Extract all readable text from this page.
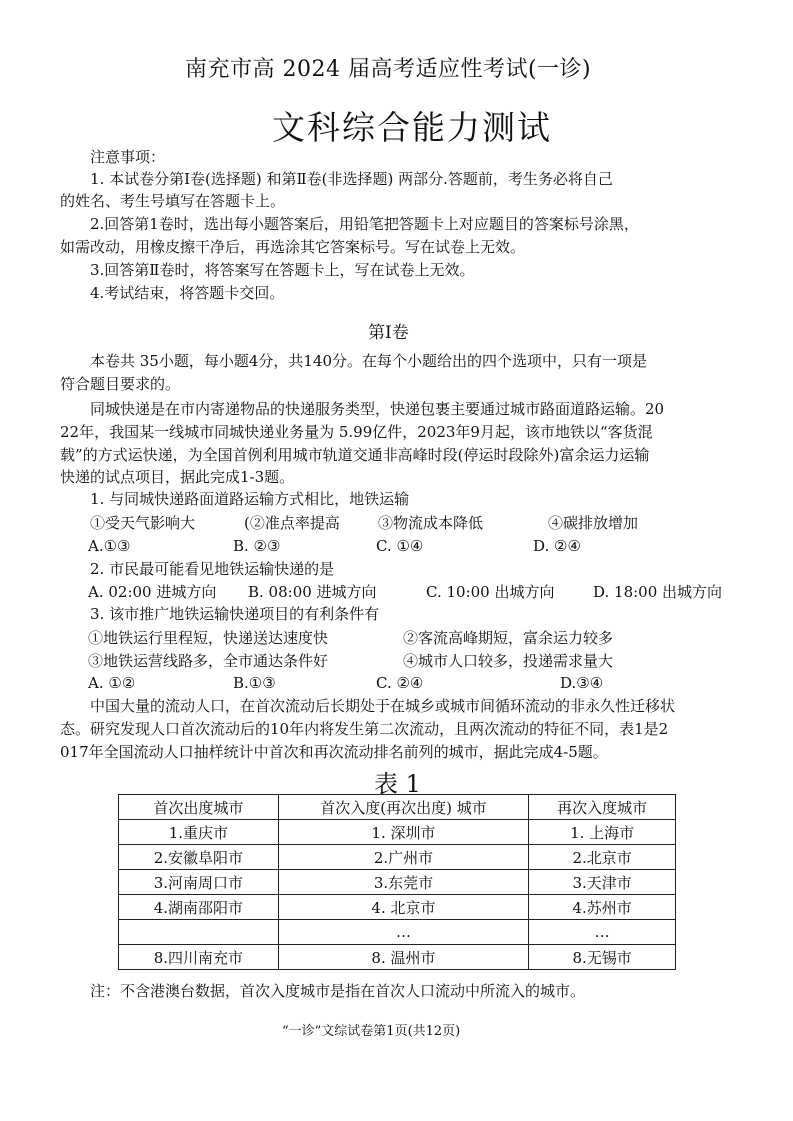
南充市高 2024 届高考适应性考试(一诊)
文科综合能力测试
注意事项：
1. 本试卷分第Ⅰ卷(选择题) 和第Ⅱ卷(非选择题) 两部分.答题前，考生务必将自己
的姓名、考生号填写在答题卡上。
2.回答第1卷时，选出每小题答案后，用铅笔把答题卡上对应题目的答案标号涂黑，
如需改动，用橡皮擦干净后，再选涂其它答案标号。写在试卷上无效。
3.回答第Ⅱ卷时，将答案写在答题卡上，写在试卷上无效。
4.考试结束，将答题卡交回。
第Ⅰ卷
本卷共 35小题，每小题4分，共140分。在每个小题给出的四个选项中，只有一项是
符合题目要求的。
同城快递是在市内寄递物品的快递服务类型，快递包裹主要通过城市路面道路运输。20
22年，我国某一线城市同城快递业务量为 5.99亿件，2023年9月起，该市地铁以“客货混
载”的方式运快递，为全国首例利用城市轨道交通非高峰时段(停运时段除外)富余运力运输
快递的试点项目，据此完成1-3题。
1. 与同城快递路面道路运输方式相比，地铁运输
①受天气影响大	(②准点率提高	③物流成本降低	④碳排放增加
A.①③	B. ②③	C. ①④	D. ②④
2. 市民最可能看见地铁运输快递的是
A. 02:00 进城方向 B. 08:00 进城方向	C. 10:00 出城方向	D. 18:00 出城方向
3. 该市推广地铁运输快递项目的有利条件有
①地铁运行里程短，快递送达速度快	②客流高峰期短，富余运力较多
③地铁运营线路多，全市通达条件好	④城市人口较多，投递需求量大
A. ①②	B.①③	C. ②④	D.③④
中国大量的流动人口，在首次流动后长期处于在城乡或城市间循环流动的非永久性迁移状
态。研究发现人口首次流动后的10年内将发生第二次流动，且两次流动的特征不同，表1是2
017年全国流动人口抽样统计中首次和再次流动排名前列的城市，据此完成4-5题。
表 1
首次出度城市	首次入度(再次出度) 城市	再次入度城市
1.重庆市	1. 深圳市	1. 上海市
2.安徽阜阳市	2.广州市	2.北京市
3.河南周口市	3.东莞市	3.天津市
4.湖南邵阳市	4. 北京市	4.苏州市
	…	…
8.四川南充市	8. 温州市	8.无锡市
注：不含港澳台数据，首次入度城市是指在首次人口流动中所流入的城市。
“一诊”文综试卷第1页(共12页)
